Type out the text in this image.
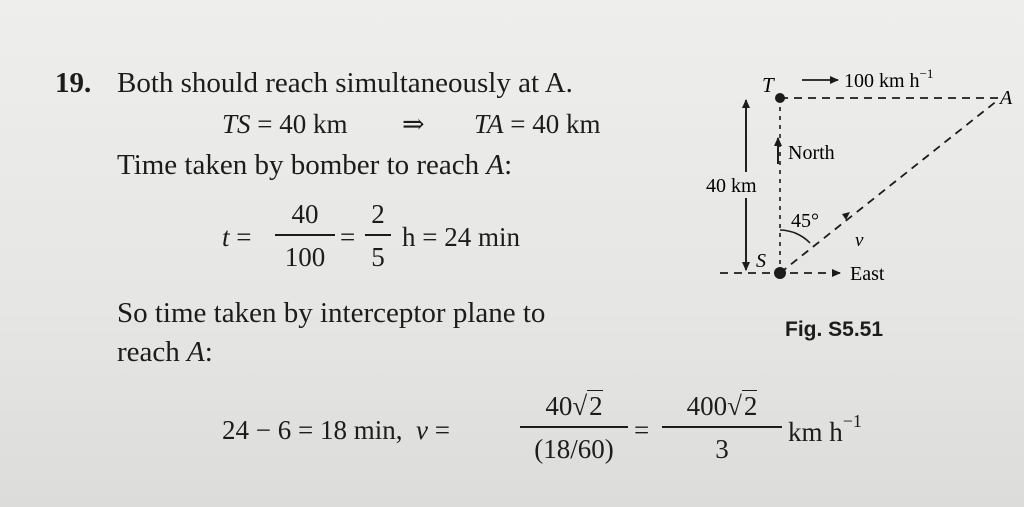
19. Both should reach simultaneously at A.
TS = 40 km ⇒ TA = 40 km
Time taken by bomber to reach A:
t =
40
100
=
2
5
h = 24 min
So time taken by interceptor plane to
reach A:
24 − 6 = 18 min,  v =
40√2
(18/60)
=
400√2
3
km $h^{-1}$
T
A
S
100 km $h^{-1}$
North
40 km
45°
v
East
Fig. S5.51
